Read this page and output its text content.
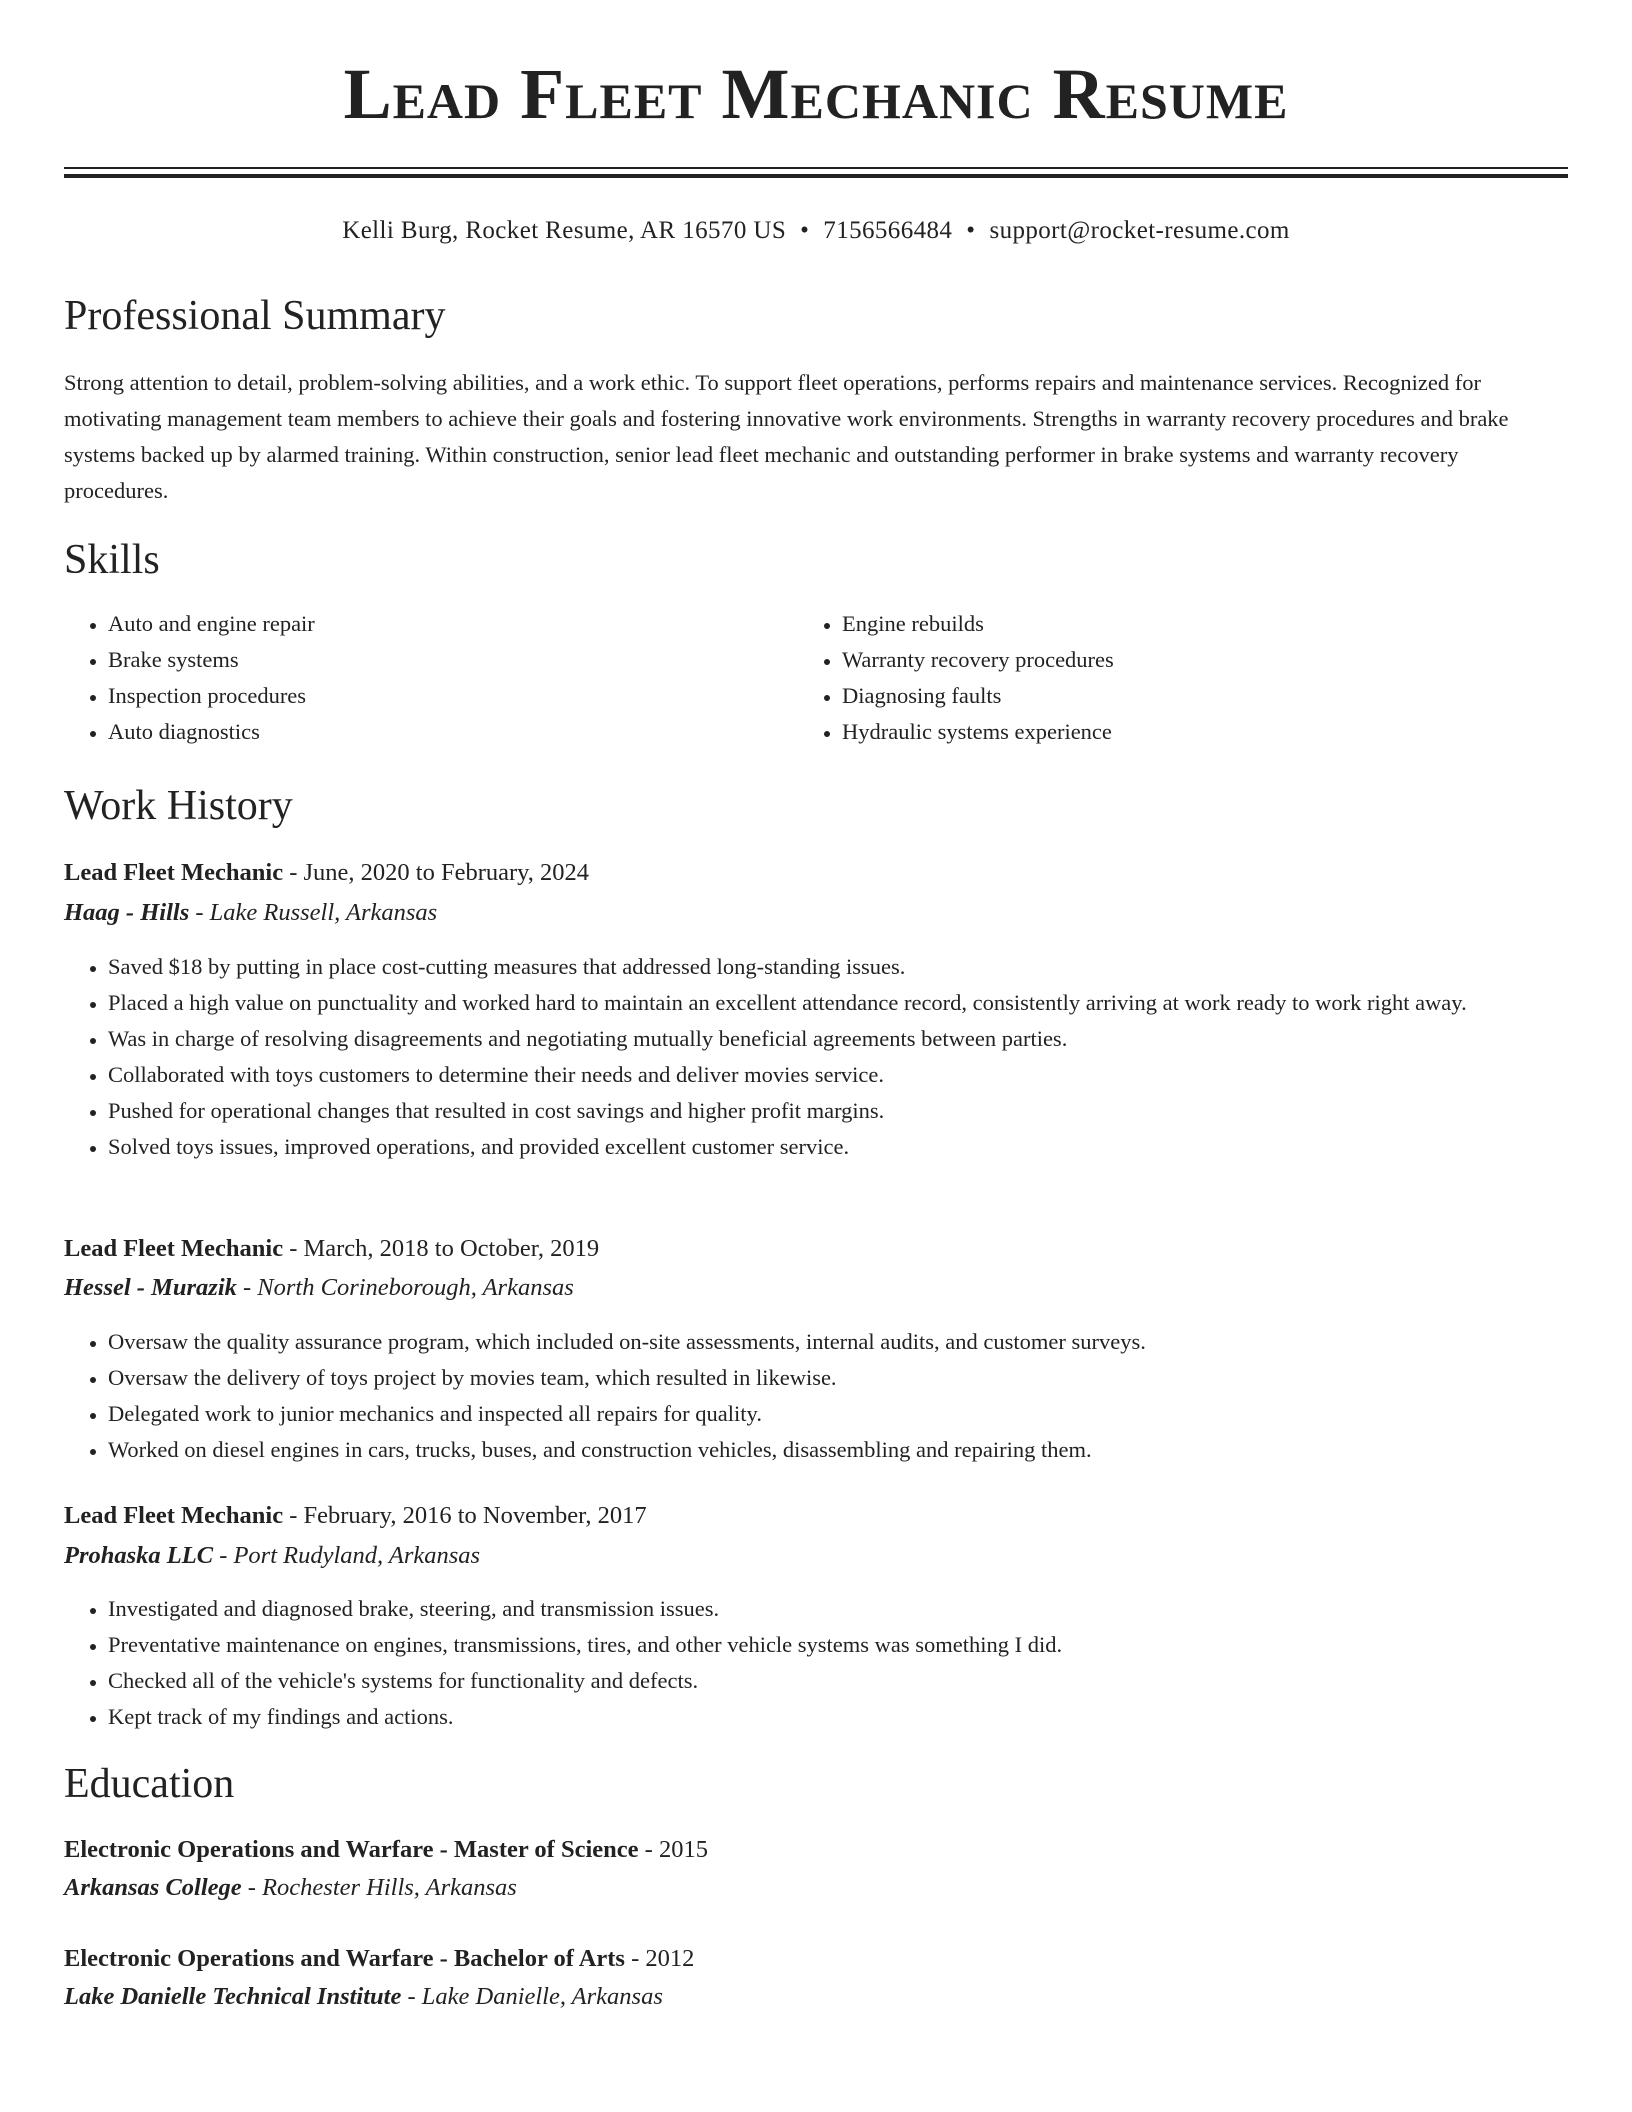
Lead Fleet Mechanic Resume
Kelli Burg, Rocket Resume, AR 16570 US • 7156566484 • support@rocket-resume.com
Professional Summary

Strong attention to detail, problem-solving abilities, and a work ethic. To support fleet operations, performs repairs and maintenance services. Recognized for motivating management team members to achieve their goals and fostering innovative work environments. Strengths in warranty recovery procedures and brake systems backed up by alarmed training. Within construction, senior lead fleet mechanic and outstanding performer in brake systems and warranty recovery procedures.

Skills
• Auto and engine repair
• Brake systems
• Inspection procedures
• Auto diagnostics
• Engine rebuilds
• Warranty recovery procedures
• Diagnosing faults
• Hydraulic systems experience
Work History
Lead Fleet Mechanic - June, 2020 to February, 2024
Haag - Hills - Lake Russell, Arkansas
• Saved $18 by putting in place cost-cutting measures that addressed long-standing issues.
• Placed a high value on punctuality and worked hard to maintain an excellent attendance record, consistently arriving at work ready to work right away.
• Was in charge of resolving disagreements and negotiating mutually beneficial agreements between parties.
• Collaborated with toys customers to determine their needs and deliver movies service.
• Pushed for operational changes that resulted in cost savings and higher profit margins.
• Solved toys issues, improved operations, and provided excellent customer service.
Lead Fleet Mechanic - March, 2018 to October, 2019
Hessel - Murazik - North Corineborough, Arkansas
• Oversaw the quality assurance program, which included on-site assessments, internal audits, and customer surveys.
• Oversaw the delivery of toys project by movies team, which resulted in likewise.
• Delegated work to junior mechanics and inspected all repairs for quality.
• Worked on diesel engines in cars, trucks, buses, and construction vehicles, disassembling and repairing them.
Lead Fleet Mechanic - February, 2016 to November, 2017
Prohaska LLC - Port Rudyland, Arkansas
• Investigated and diagnosed brake, steering, and transmission issues.
• Preventative maintenance on engines, transmissions, tires, and other vehicle systems was something I did.
• Checked all of the vehicle's systems for functionality and defects.
• Kept track of my findings and actions.
Education
Electronic Operations and Warfare - Master of Science - 2015
Arkansas College - Rochester Hills, Arkansas
Electronic Operations and Warfare - Bachelor of Arts - 2012
Lake Danielle Technical Institute - Lake Danielle, Arkansas
